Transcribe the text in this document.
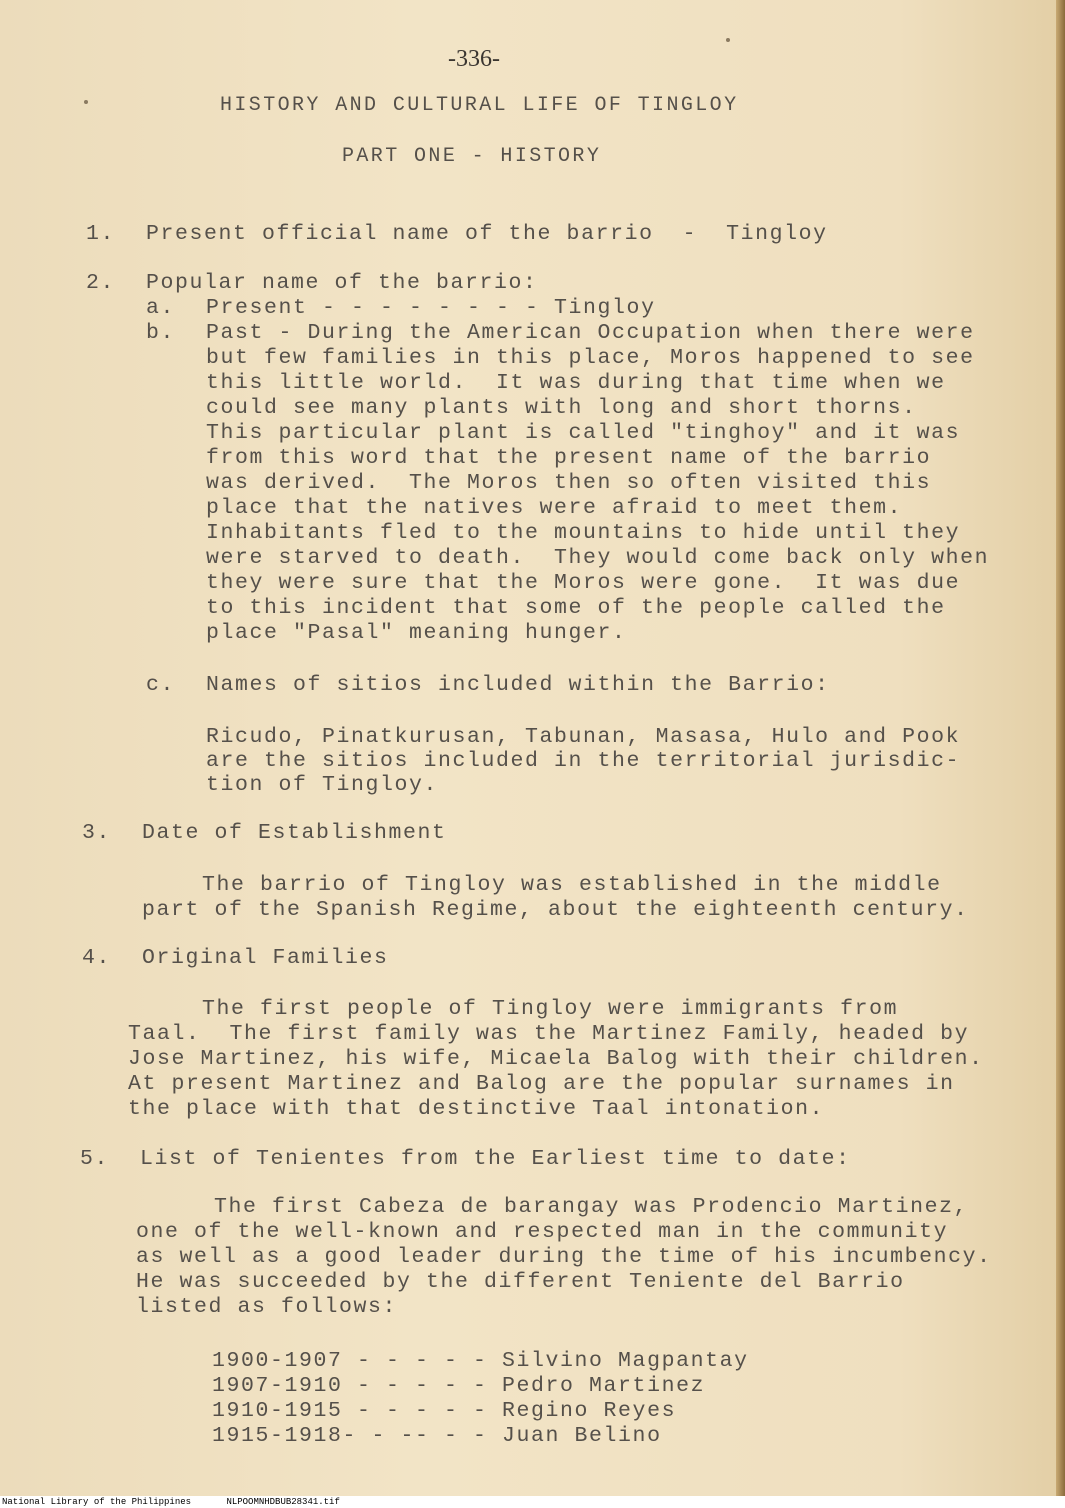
-336-
HISTORY AND CULTURAL LIFE OF TINGLOY
PART ONE - HISTORY
1. Present official name of the barrio  -  Tingloy
2. Popular name of the barrio:
a. Present - - - - - - - - Tingloy
b. Past - During the American Occupation when there were
but few families in this place, Moros happened to see
this little world.  It was during that time when we
could see many plants with long and short thorns.
This particular plant is called "tinghoy" and it was
from this word that the present name of the barrio
was derived.  The Moros then so often visited this
place that the natives were afraid to meet them.
Inhabitants fled to the mountains to hide until they
were starved to death.  They would come back only when
they were sure that the Moros were gone.  It was due
to this incident that some of the people called the
place "Pasal" meaning hunger.
c. Names of sitios included within the Barrio:
Ricudo, Pinatkurusan, Tabunan, Masasa, Hulo and Pook
are the sitios included in the territorial jurisdic-
tion of Tingloy.
3. Date of Establishment
The barrio of Tingloy was established in the middle
part of the Spanish Regime, about the eighteenth century.
4. Original Families
The first people of Tingloy were immigrants from
Taal.  The first family was the Martinez Family, headed by
Jose Martinez, his wife, Micaela Balog with their children.
At present Martinez and Balog are the popular surnames in
the place with that destinctive Taal intonation.
5. List of Tenientes from the Earliest time to date:
The first Cabeza de barangay was Prodencio Martinez,
one of the well-known and respected man in the community
as well as a good leader during the time of his incumbency.
He was succeeded by the different Teniente del Barrio
listed as follows:
1900-1907 - - - - - Silvino Magpantay
1907-1910 - - - - - Pedro Martinez
1910-1915 - - - - - Regino Reyes
1915-1918- - -- - - Juan Belino
National Library of the Philippines	NLPOOMNHDBUB28341.tif
